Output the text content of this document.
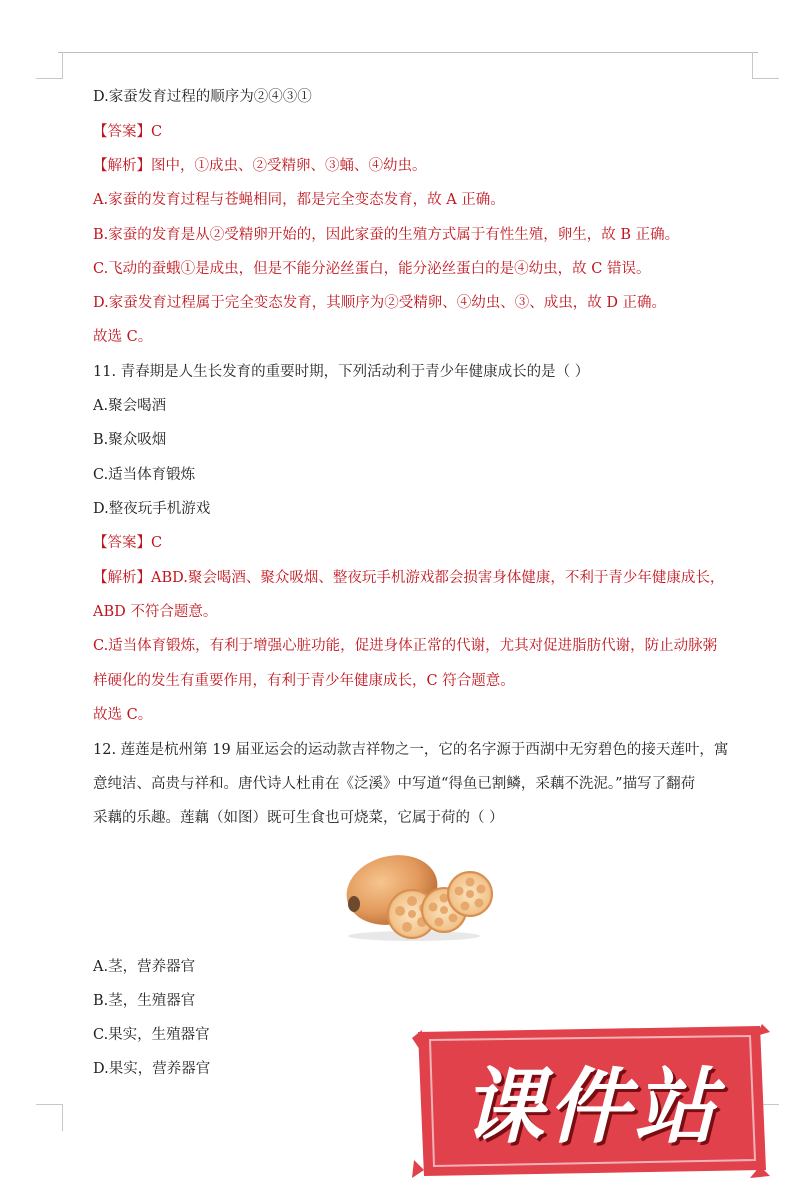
D.家蚕发育过程的顺序为②④③①
【答案】C
【解析】图中，①成虫、②受精卵、③蛹、④幼虫。
A.家蚕的发育过程与苍蝇相同，都是完全变态发育，故 A 正确。
B.家蚕的发育是从②受精卵开始的，因此家蚕的生殖方式属于有性生殖，卵生，故 B 正确。
C.飞动的蚕蛾①是成虫，但是不能分泌丝蛋白，能分泌丝蛋白的是④幼虫，故 C 错误。
D.家蚕发育过程属于完全变态发育，其顺序为②受精卵、④幼虫、③、成虫，故 D 正确。
故选 C。
11. 青春期是人生长发育的重要时期，下列活动利于青少年健康成长的是（ ）
A.聚会喝酒
B.聚众吸烟
C.适当体育锻炼
D.整夜玩手机游戏
【答案】C
【解析】ABD.聚会喝酒、聚众吸烟、整夜玩手机游戏都会损害身体健康，不利于青少年健康成长，
ABD 不符合题意。
C.适当体育锻炼，有利于增强心脏功能，促进身体正常的代谢，尤其对促进脂肪代谢，防止动脉粥
样硬化的发生有重要作用，有利于青少年健康成长，C 符合题意。
故选 C。
12. 莲莲是杭州第 19 届亚运会的运动款吉祥物之一，它的名字源于西湖中无穷碧色的接天莲叶，寓
意纯洁、高贵与祥和。唐代诗人杜甫在《泛溪》中写道“得鱼已割鳞，采藕不洗泥。”描写了翻荷
采藕的乐趣。莲藕（如图）既可生食也可烧菜，它属于荷的（ ）
A.茎，营养器官
B.茎，生殖器官
C.果实，生殖器官
D.果实，营养器官	课件站
